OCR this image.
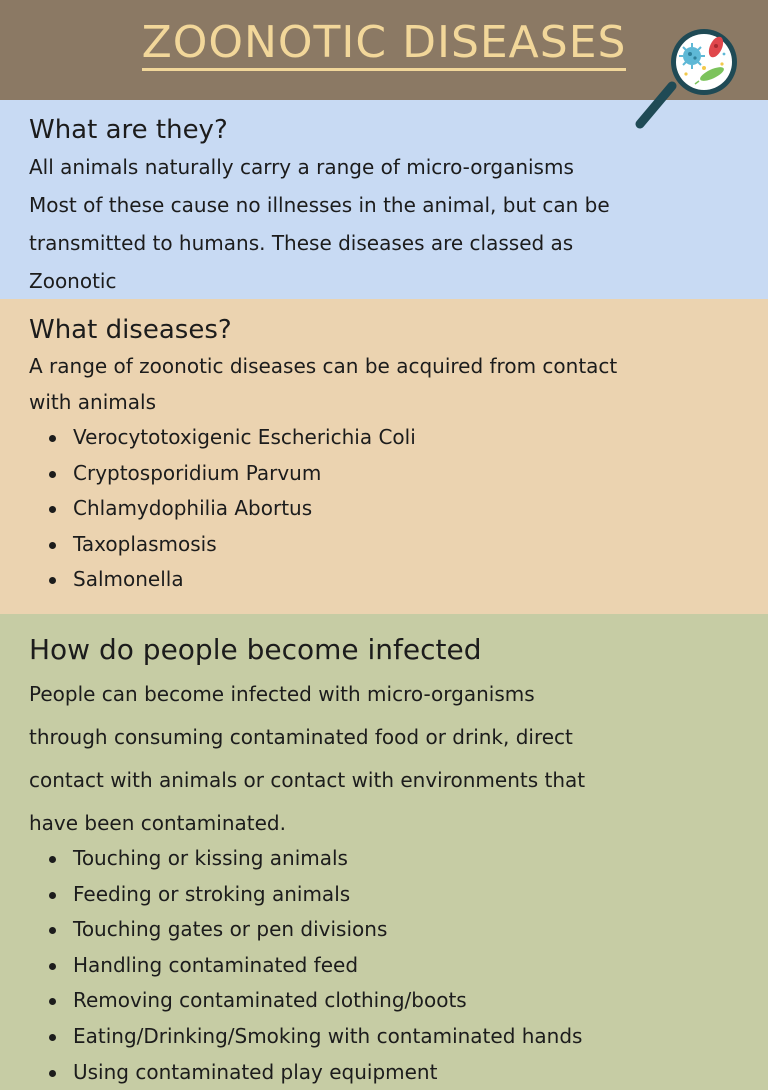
ZOONOTIC DISEASES
What are they?

All animals naturally carry a range of micro-organisms

Most of these cause no illnesses in the animal, but can be

transmitted to humans. These diseases are classed as

Zoonotic

What diseases?

A range of zoonotic diseases can be acquired from contact

with animals

Verocytotoxigenic Escherichia Coli
Cryptosporidium Parvum
Chlamydophilia Abortus
Taxoplasmosis
Salmonella
How do people become infected

People can become infected with micro-organisms

through consuming contaminated food or drink, direct

contact with animals or contact with environments that

have been contaminated.

Touching or kissing animals
Feeding or stroking animals
Touching gates or pen divisions
Handling contaminated feed
Removing contaminated clothing/boots
Eating/Drinking/Smoking with contaminated hands
Using contaminated play equipment
